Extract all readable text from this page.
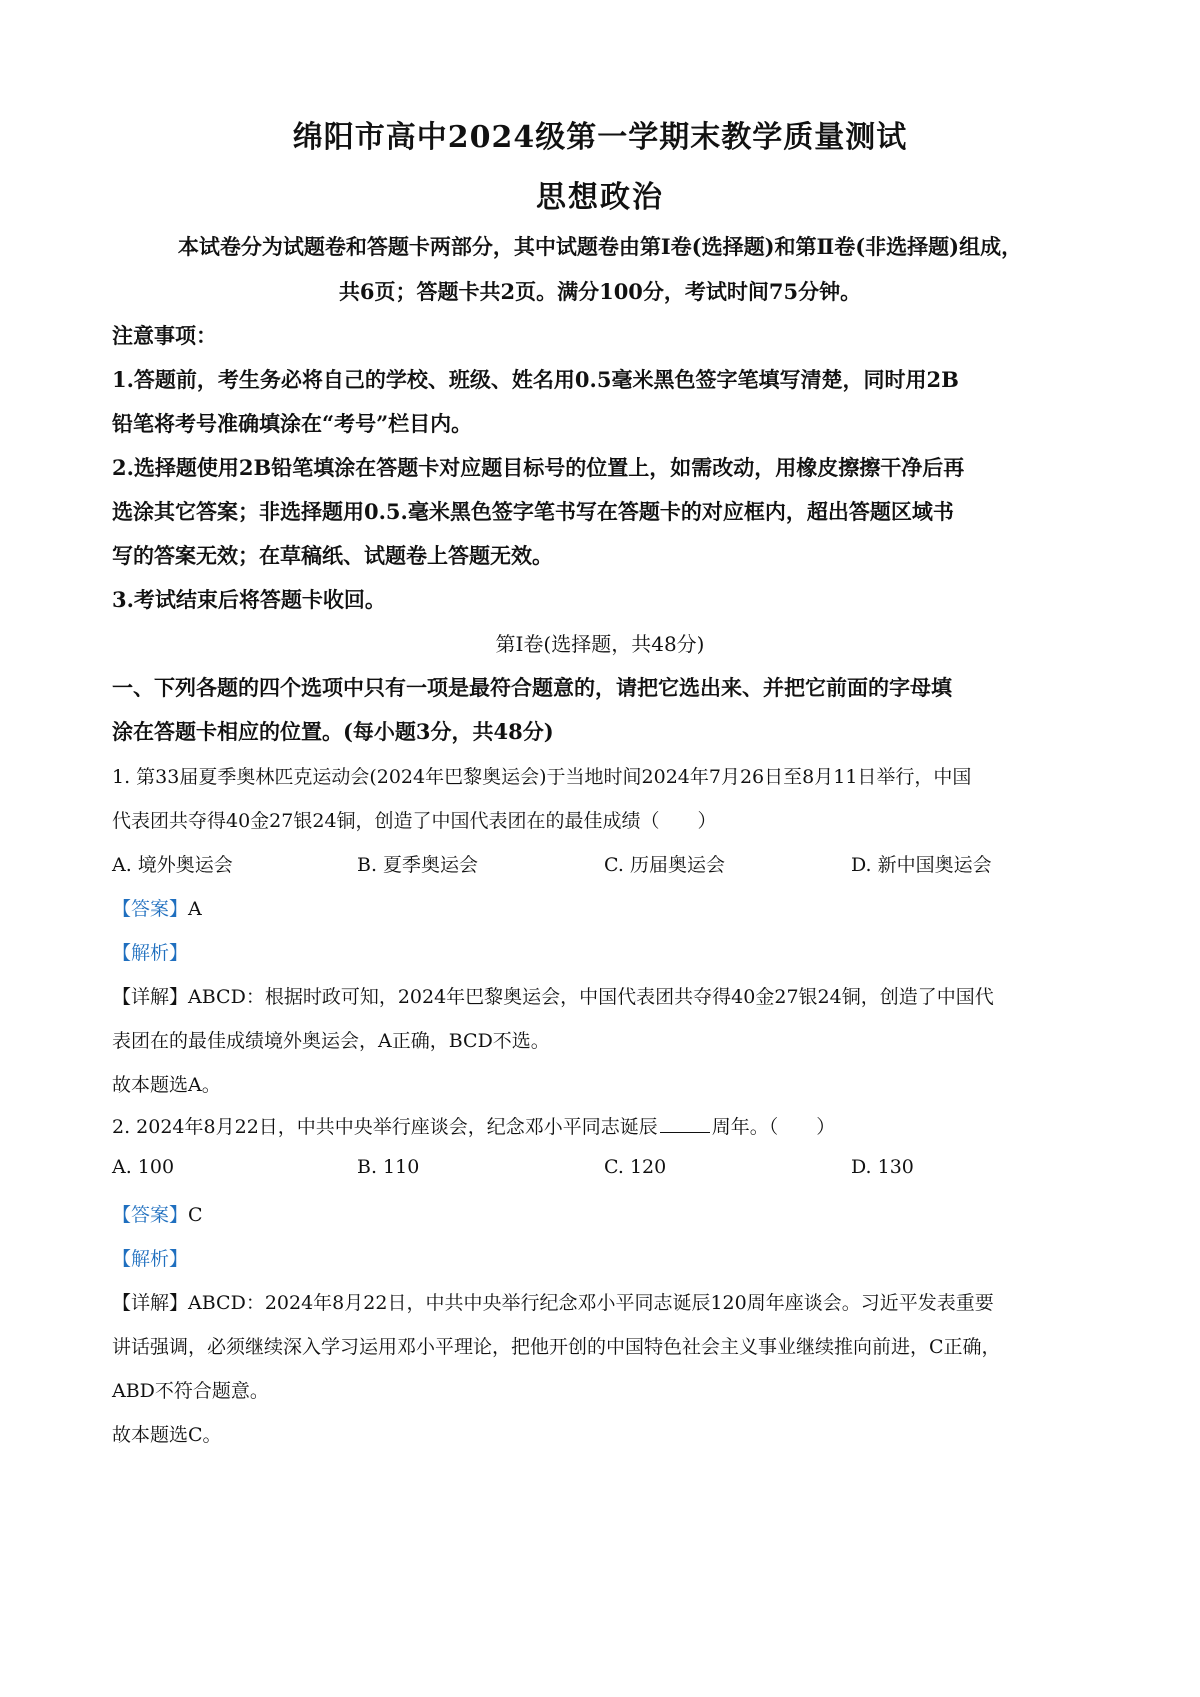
绵阳市高中2024级第一学期末教学质量测试
思想政治
本试卷分为试题卷和答题卡两部分，其中试题卷由第Ⅰ卷(选择题)和第Ⅱ卷(非选择题)组成，
共6页；答题卡共2页。满分100分，考试时间75分钟。
注意事项：
1.答题前，考生务必将自己的学校、班级、姓名用0.5毫米黑色签字笔填写清楚，同时用2B
铅笔将考号准确填涂在“考号”栏目内。
2.选择题使用2B铅笔填涂在答题卡对应题目标号的位置上，如需改动，用橡皮擦擦干净后再
选涂其它答案；非选择题用0.5.毫米黑色签字笔书写在答题卡的对应框内，超出答题区域书
写的答案无效；在草稿纸、试题卷上答题无效。
3.考试结束后将答题卡收回。
第Ⅰ卷(选择题，共48分)
一、下列各题的四个选项中只有一项是最符合题意的，请把它选出来、并把它前面的字母填
涂在答题卡相应的位置。(每小题3分，共48分)
1. 第33届夏季奥林匹克运动会(2024年巴黎奥运会)于当地时间2024年7月26日至8月11日举行，中国
代表团共夺得40金27银24铜，创造了中国代表团在的最佳成绩（　　）
A. 境外奥运会	B. 夏季奥运会	C. 历届奥运会	D. 新中国奥运会
【答案】A
【解析】
【详解】ABCD：根据时政可知，2024年巴黎奥运会，中国代表团共夺得40金27银24铜，创造了中国代
表团在的最佳成绩境外奥运会，A正确，BCD不选。
故本题选A。
2. 2024年8月22日，中共中央举行座谈会，纪念邓小平同志诞辰	周年。（　　）
A. 100	B. 110	C. 120	D. 130
【答案】C
【解析】
【详解】ABCD：2024年8月22日，中共中央举行纪念邓小平同志诞辰120周年座谈会。习近平发表重要
讲话强调，必须继续深入学习运用邓小平理论，把他开创的中国特色社会主义事业继续推向前进，C正确，
ABD不符合题意。
故本题选C。
